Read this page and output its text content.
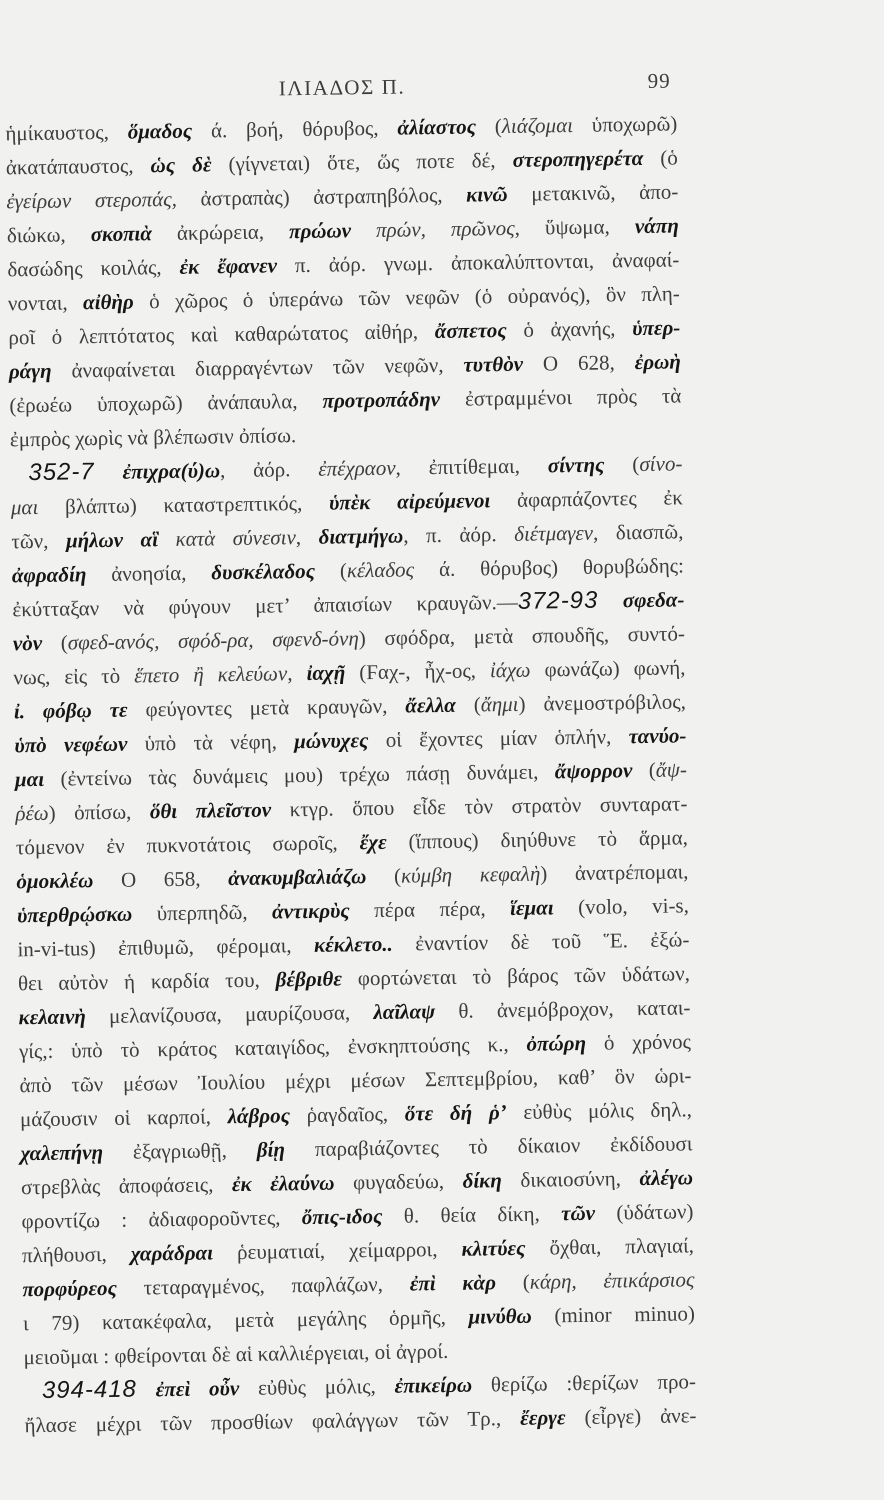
ΙΛΙΑΔΟΣ Π.	99
ἡμίκαυστος, ὅμαδος ά. βοή, θόρυβος, ἀλίαστος (λιάζομαι ὑποχωρῶ)
ἀκατάπαυστος, ὡς δὲ (γίγνεται) ὅτε, ὥς ποτε δέ, στεροπηγερέτα (ὁ
ἐγείρων στεροπάς, ἀστραπὰς) ἀστραπηβόλος, κινῶ μετακινῶ, ἀπο-
διώκω, σκοπιὰ ἀκρώρεια, πρώων πρών, πρῶνος, ὕψωμα, νάπη
δασώδης κοιλάς, ἐκ ἔφανεν π. ἀόρ. γνωμ. ἀποκαλύπτονται, ἀναφαί-
νονται, αἰθὴρ ὁ χῶρος ὁ ὑπεράνω τῶν νεφῶν (ὁ οὐρανός), ὃν πλη-
ροῖ ὁ λεπτότατος καὶ καθαρώτατος αἰθήρ, ἄσπετος ὁ ἀχανής, ὑπερ-
ράγη ἀναφαίνεται διαρραγέντων τῶν νεφῶν, τυτθὸν Ο 628, ἐρωὴ
(ἐρωέω ὑποχωρῶ) ἀνάπαυλα, προτροπάδην ἐστραμμένοι πρὸς τὰ
ἐμπρὸς χωρὶς νὰ βλέπωσιν ὀπίσω.
352-7 ἐπιχρα(ύ)ω, ἀόρ. ἐπέχραον, ἐπιτίθεμαι, σίντης (σίνο-
μαι βλάπτω) καταστρεπτικός, ὑπὲκ αἰρεύμενοι ἀφαρπάζοντες ἐκ
τῶν, μήλων αἳ κατὰ σύνεσιν, διατμήγω, π. ἀόρ. διέτμαγεν, διασπῶ,
ἀφραδίη ἀνοησία, δυσκέλαδος (κέλαδος ά. θόρυβος) θορυβώδης:
ἐκύτταξαν νὰ φύγουν μετ’ ἀπαισίων κραυγῶν.—372-93 σφεδα-
νὸν (σφεδ-ανός, σφόδ-ρα, σφενδ-όνη) σφόδρα, μετὰ σπουδῆς, συντό-
νως, εἰς τὸ ἕπετο ἢ κελεύων, ἰαχῇ (Ϝαχ-, ἦχ-ος, ἰάχω φωνάζω) φωνή,
ἰ. φόβῳ τε φεύγοντες μετὰ κραυγῶν, ἄελλα (ἄημι) ἀνεμοστρόβιλος,
ὑπὸ νεφέων ὑπὸ τὰ νέφη, μώνυχες οἱ ἔχοντες μίαν ὁπλήν, τανύο-
μαι (ἐντείνω τὰς δυνάμεις μου) τρέχω πάσῃ δυνάμει, ἄψορρον (ἄψ-
ῥέω) ὀπίσω, ὅθι πλεῖστον κτγρ. ὅπου εἶδε τὸν στρατὸν συνταρατ-
τόμενον ἐν πυκνοτάτοις σωροῖς, ἔχε (ἵππους) διηύθυνε τὸ ἅρμα,
ὁμοκλέω Ο 658, ἀνακυμβαλιάζω (κύμβη κεφαλὴ) ἀνατρέπομαι,
ὑπερθρῴσκω ὑπερπηδῶ, ἀντικρὺς πέρα πέρα, ἵεμαι (volo, vi-s,
in-vi-tus) ἐπιθυμῶ, φέρομαι, κέκλετο.. ἐναντίον δὲ τοῦ Ἕ. ἐξώ-
θει αὐτὸν ἡ καρδία του, βέβριθε φορτώνεται τὸ βάρος τῶν ὑδάτων,
κελαινὴ μελανίζουσα, μαυρίζουσα, λαῖλαψ θ. ἀνεμόβροχον, καται-
γίς,: ὑπὸ τὸ κράτος καταιγίδος, ἐνσκηπτούσης κ., ὀπώρη ὁ χρόνος
ἀπὸ τῶν μέσων Ἰουλίου μέχρι μέσων Σεπτεμβρίου, καθ’ ὃν ὡρι-
μάζουσιν οἱ καρποί, λάβρος ῥαγδαῖος, ὅτε δή ῥ’ εὐθὺς μόλις δηλ.,
χαλεπήνῃ ἐξαγριωθῇ, βίῃ παραβιάζοντες τὸ δίκαιον ἐκδίδουσι
στρεβλὰς ἀποφάσεις, ἐκ ἐλαύνω φυγαδεύω, δίκη δικαιοσύνη, ἀλέγω
φροντίζω : ἀδιαφοροῦντες, ὄπις-ιδος θ. θεία δίκη, τῶν (ὑδάτων)
πλήθουσι, χαράδραι ῥευματιαί, χείμαρροι, κλιτύες ὄχθαι, πλαγιαί,
πορφύρεος τεταραγμένος, παφλάζων, ἐπὶ κὰρ (κάρη, ἐπικάρσιος
ι 79) κατακέφαλα, μετὰ μεγάλης ὁρμῆς, μινύθω (minor minuo)
μειοῦμαι : φθείρονται δὲ αἱ καλλιέργειαι, οἱ ἀγροί.
394-418 ἐπεὶ οὖν εὐθὺς μόλις, ἐπικείρω θερίζω :θερίζων προ-
ἤλασε μέχρι τῶν προσθίων φαλάγγων τῶν Τρ., ἔεργε (εἶργε) ἀνε-
